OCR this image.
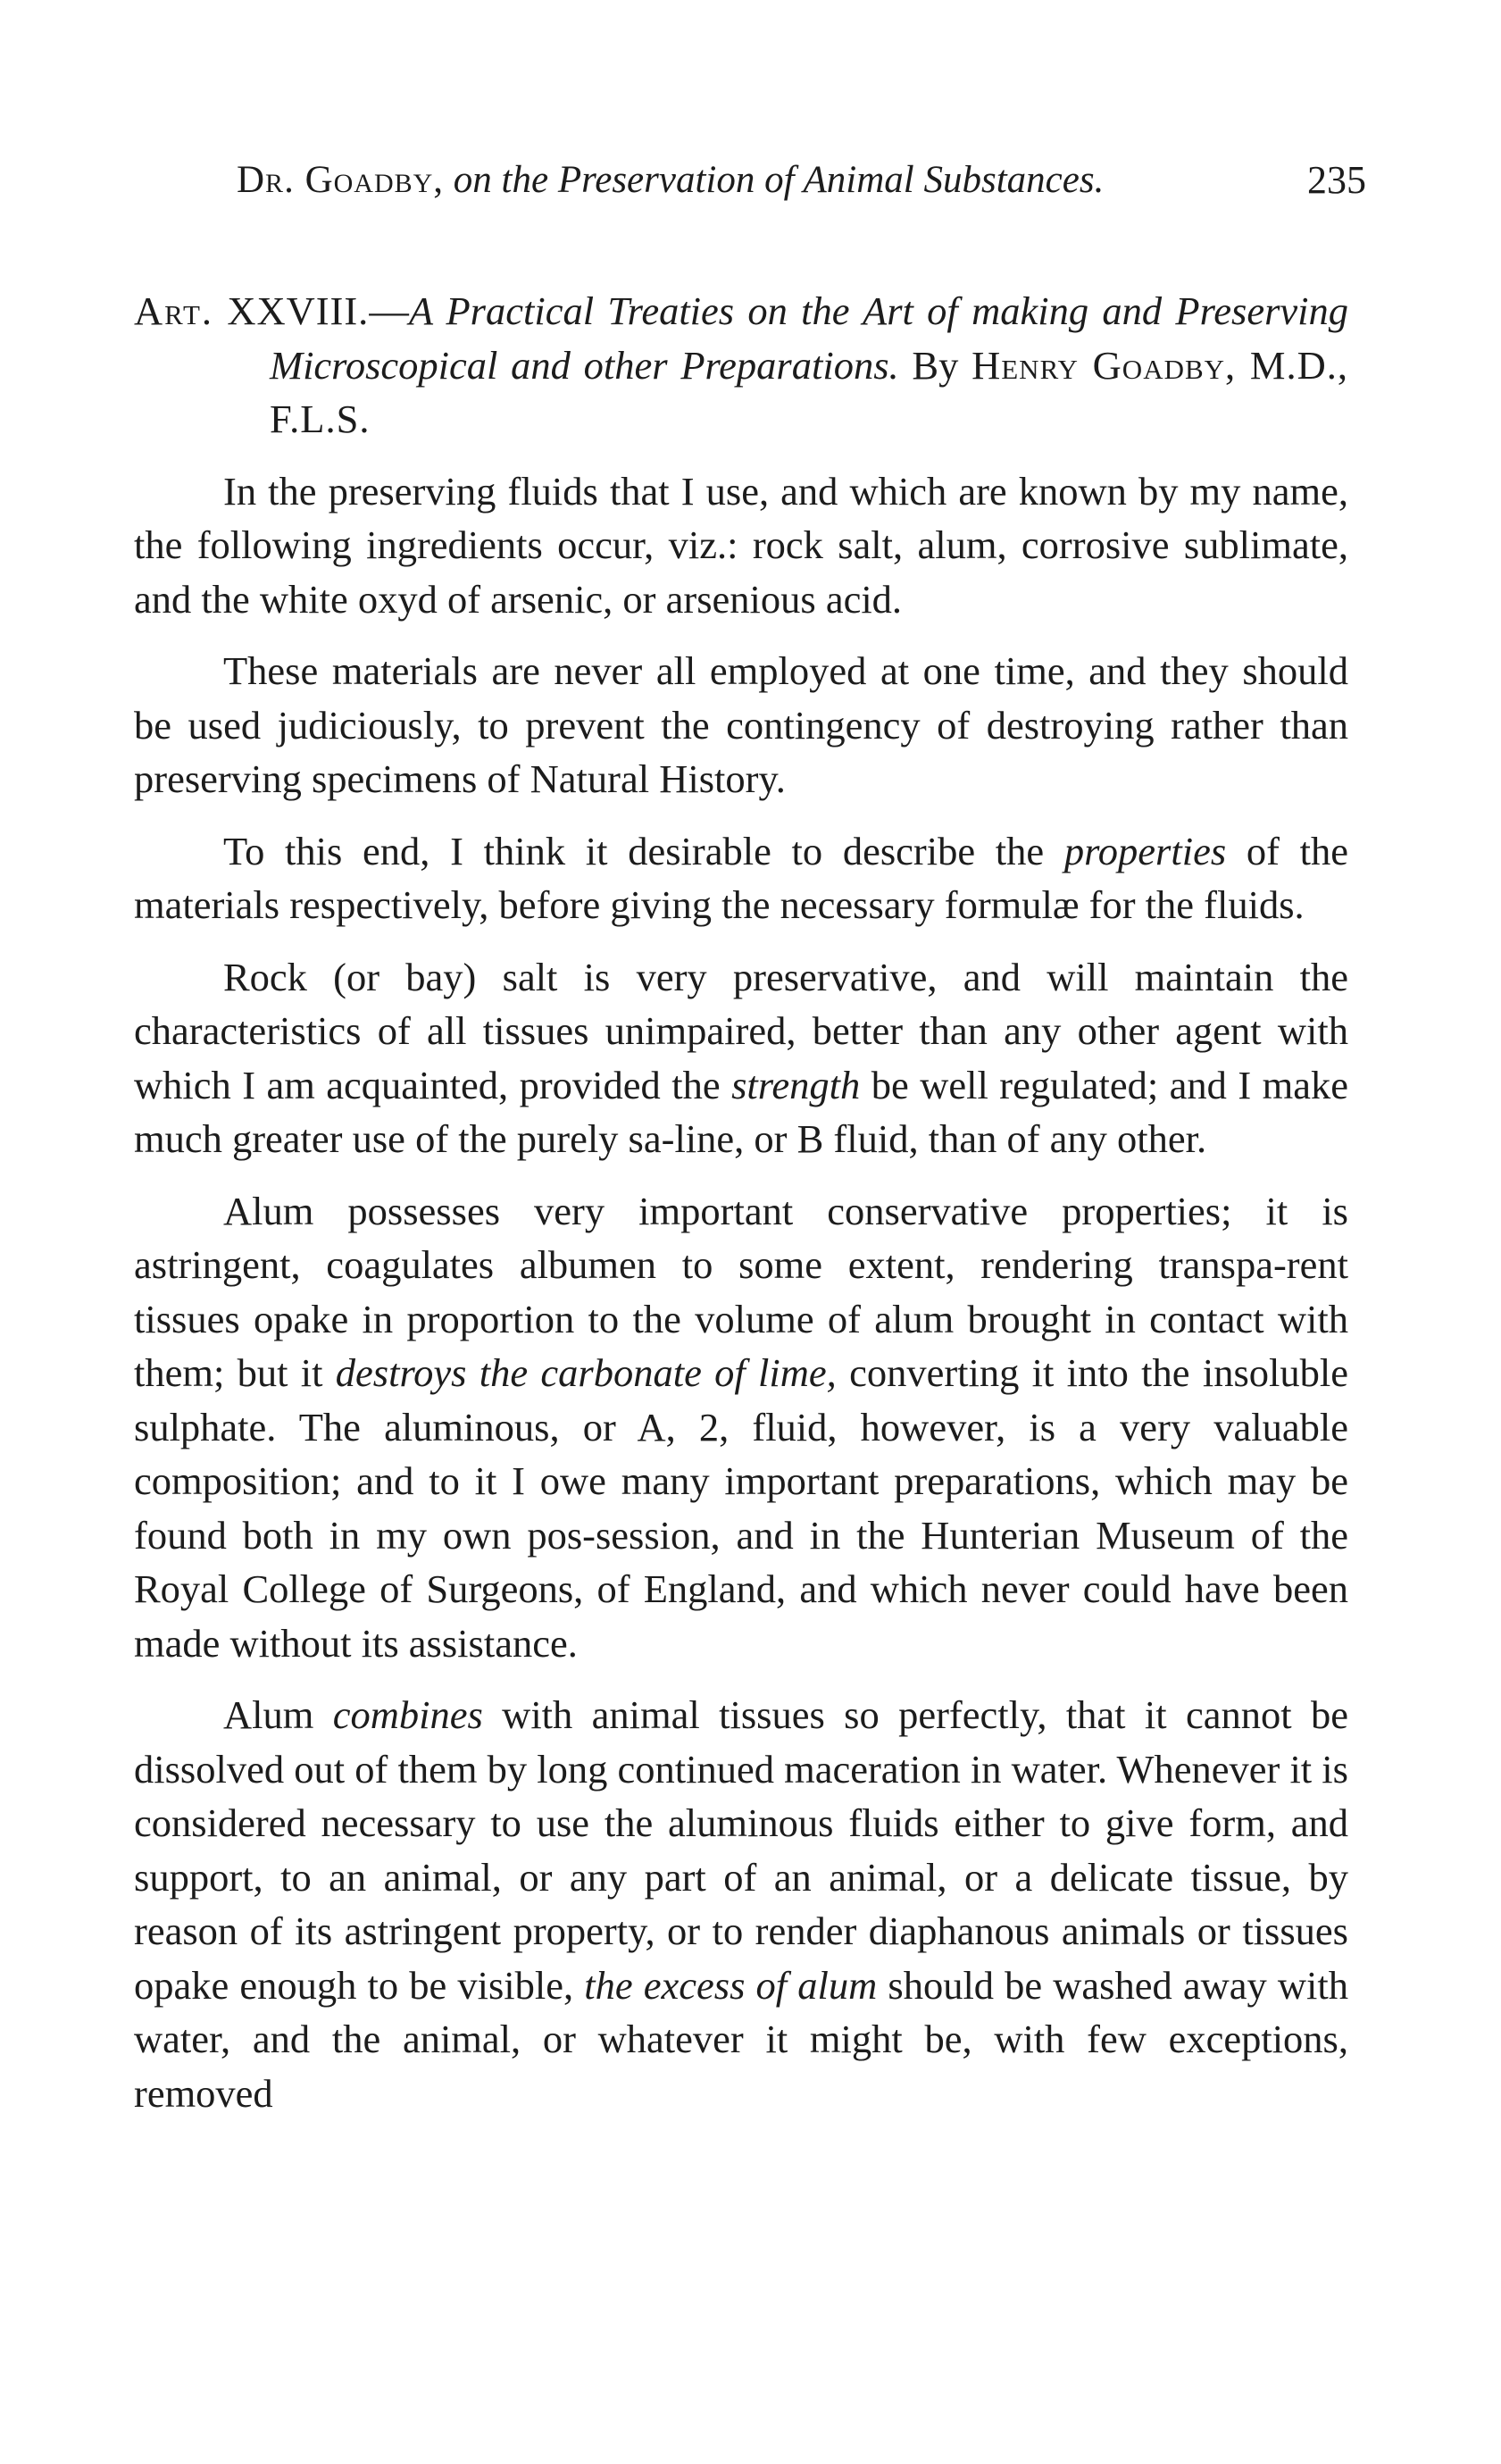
Dr. Goadby, on the Preservation of Animal Substances.	235

Art. XXVIII.—A Practical Treaties on the Art of making and Preserving Microscopical and other Preparations. By Henry Goadby, M.D., F.L.S.

In the preserving fluids that I use, and which are known by my name, the following ingredients occur, viz.: rock salt, alum, corrosive sublimate, and the white oxyd of arsenic, or arsenious acid.

These materials are never all employed at one time, and they should be used judiciously, to prevent the contingency of destroying rather than preserving specimens of Natural History.

To this end, I think it desirable to describe the properties of the materials respectively, before giving the necessary formulæ for the fluids.

Rock (or bay) salt is very preservative, and will maintain the characteristics of all tissues unimpaired, better than any other agent with which I am acquainted, provided the strength be well regulated; and I make much greater use of the purely sa-line, or B fluid, than of any other.

Alum possesses very important conservative properties; it is astringent, coagulates albumen to some extent, rendering transpa-rent tissues opake in proportion to the volume of alum brought in contact with them; but it destroys the carbonate of lime, converting it into the insoluble sulphate. The aluminous, or A, 2, fluid, however, is a very valuable composition; and to it I owe many important preparations, which may be found both in my own pos-session, and in the Hunterian Museum of the Royal College of Surgeons, of England, and which never could have been made without its assistance.

Alum combines with animal tissues so perfectly, that it cannot be dissolved out of them by long continued maceration in water. Whenever it is considered necessary to use the aluminous fluids either to give form, and support, to an animal, or any part of an animal, or a delicate tissue, by reason of its astringent property, or to render diaphanous animals or tissues opake enough to be visible, the excess of alum should be washed away with water, and the animal, or whatever it might be, with few exceptions, removed
